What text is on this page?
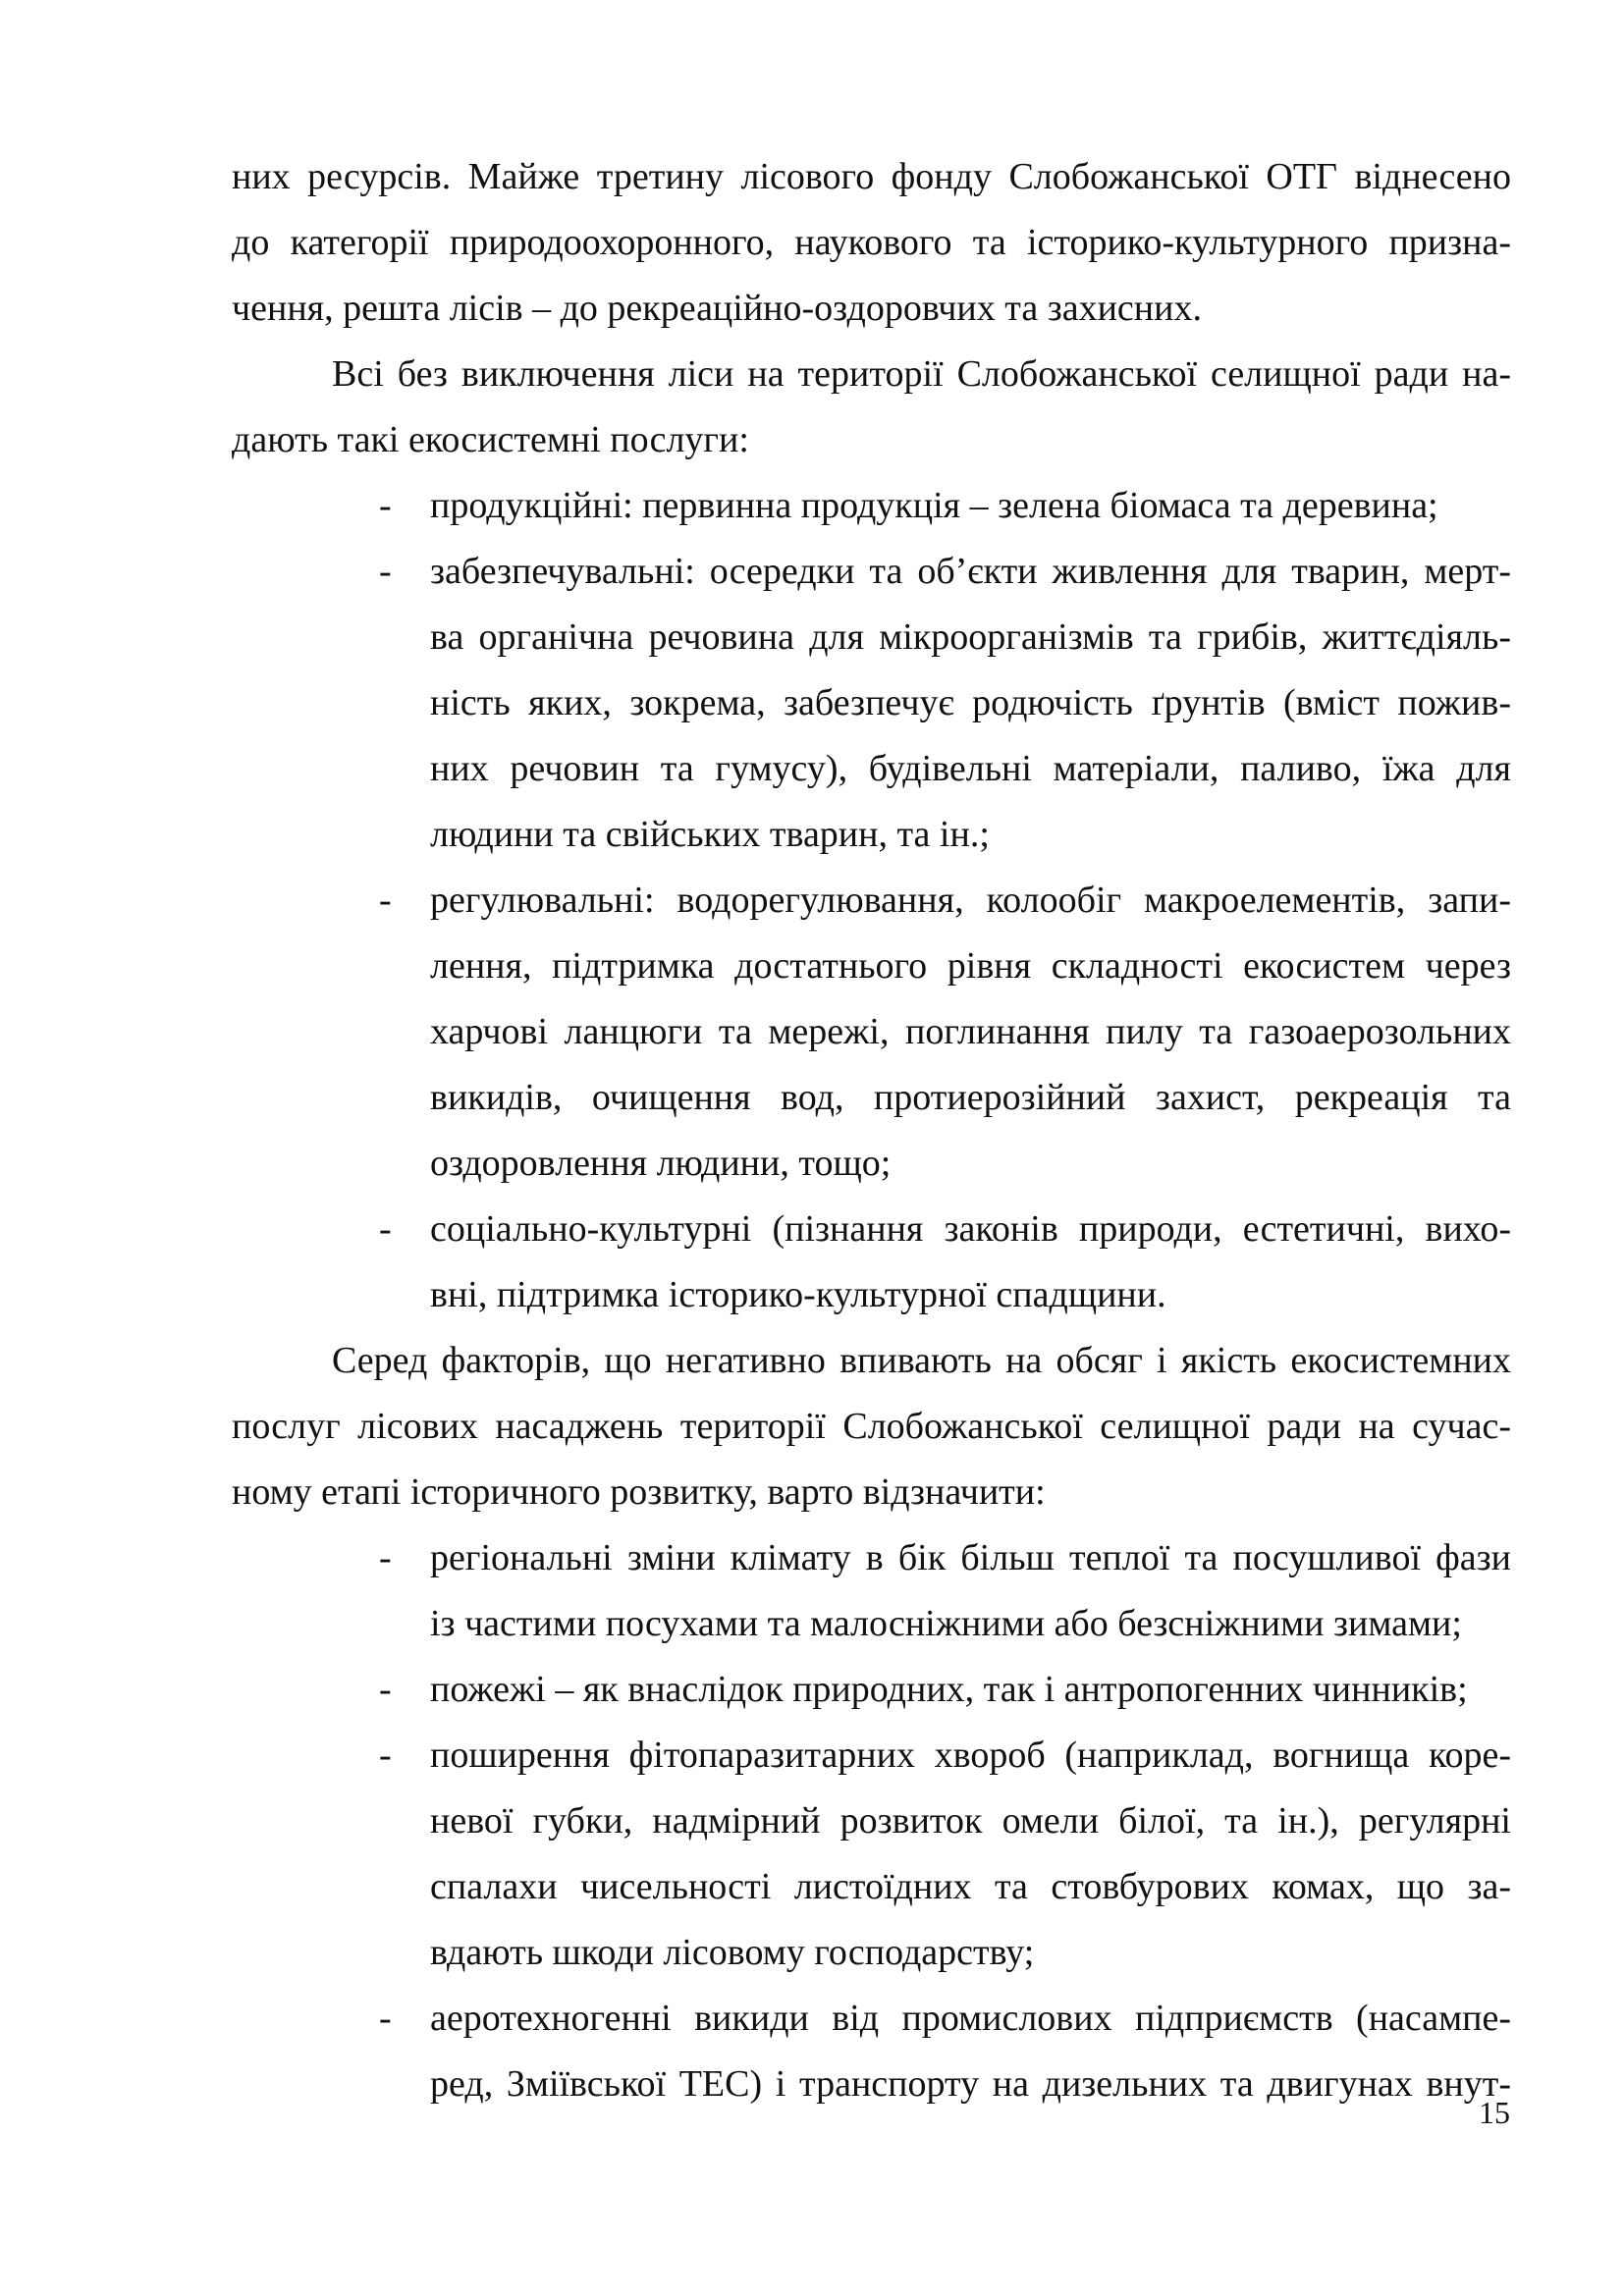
них ресурсів. Майже третину лісового фонду Слобожанської ОТГ віднесено

до категорії природоохоронного, наукового та історико-культурного призна-

чення, решта лісів – до рекреаційно-оздоровчих та захисних.

Всі без виключення ліси на території Слобожанської селищної ради на-

дають такі екосистемні послуги:

- продукційні: первинна продукція – зелена біомаса та деревина;

- забезпечувальні: осередки та об’єкти живлення для тварин, мерт-

ва органічна речовина для мікроорганізмів та грибів, життєдіяль-

ність яких, зокрема, забезпечує родючість ґрунтів (вміст пожив-

них речовин та гумусу), будівельні матеріали, паливо, їжа для

людини та свійських тварин, та ін.;

- регулювальні: водорегулювання, колообіг макроелементів, запи-

лення, підтримка достатнього рівня складності екосистем через

харчові ланцюги та мережі, поглинання пилу та газоаерозольних

викидів, очищення вод, протиерозійний захист, рекреація та

оздоровлення людини, тощо;

- соціально-культурні (пізнання законів природи, естетичні, вихо-

вні, підтримка історико-культурної спадщини.

Серед факторів, що негативно впивають на обсяг і якість екосистемних

послуг лісових насаджень території Слобожанської селищної ради на сучас-

ному етапі історичного розвитку, варто відзначити:

- регіональні зміни клімату в бік більш теплої та посушливої фази

із частими посухами та малосніжними або безсніжними зимами;

- пожежі – як внаслідок природних, так і антропогенних чинників;

- поширення фітопаразитарних хвороб (наприклад, вогнища коре-

невої губки, надмірний розвиток омели білої, та ін.), регулярні

спалахи чисельності листоїдних та стовбурових комах, що за-

вдають шкоди лісовому господарству;

- аеротехногенні викиди від промислових підприємств (насампе-

ред, Зміївської ТЕС) і транспорту на дизельних та двигунах внут-

15
